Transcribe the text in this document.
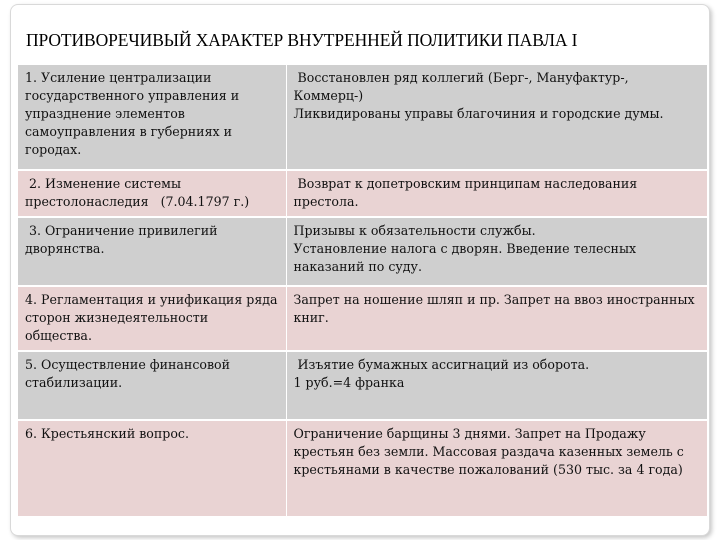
ПРОТИВОРЕЧИВЫЙ ХАРАКТЕР ВНУТРЕННЕЙ ПОЛИТИКИ ПАВЛА I
1. Усиление централизации государственного управления и упразднение элементов самоуправления в губерниях и городах.	Восстановлен ряд коллегий (Берг-, Мануфактур-, Коммерц-)
Ликвидированы управы благочиния и городские думы.
2. Изменение системы престолонаследия   (7.04.1797 г.)	Возврат к допетровским принципам наследования престола.
3. Ограничение привилегий дворянства.	Призывы к обязательности службы.
Установление налога с дворян. Введение телесных наказаний по суду.
4. Регламентация и унификация ряда сторон жизнедеятельности общества.	Запрет на ношение шляп и пр. Запрет на ввоз иностранных книг.
5. Осуществление финансовой стабилизации.	Изъятие бумажных ассигнаций из оборота.
1 руб.=4 франка
6. Крестьянский вопрос.	Ограничение барщины 3 днями. Запрет на Продажу крестьян без земли. Массовая раздача казенных земель с крестьянами в качестве пожалований (530 тыс. за 4 года)
